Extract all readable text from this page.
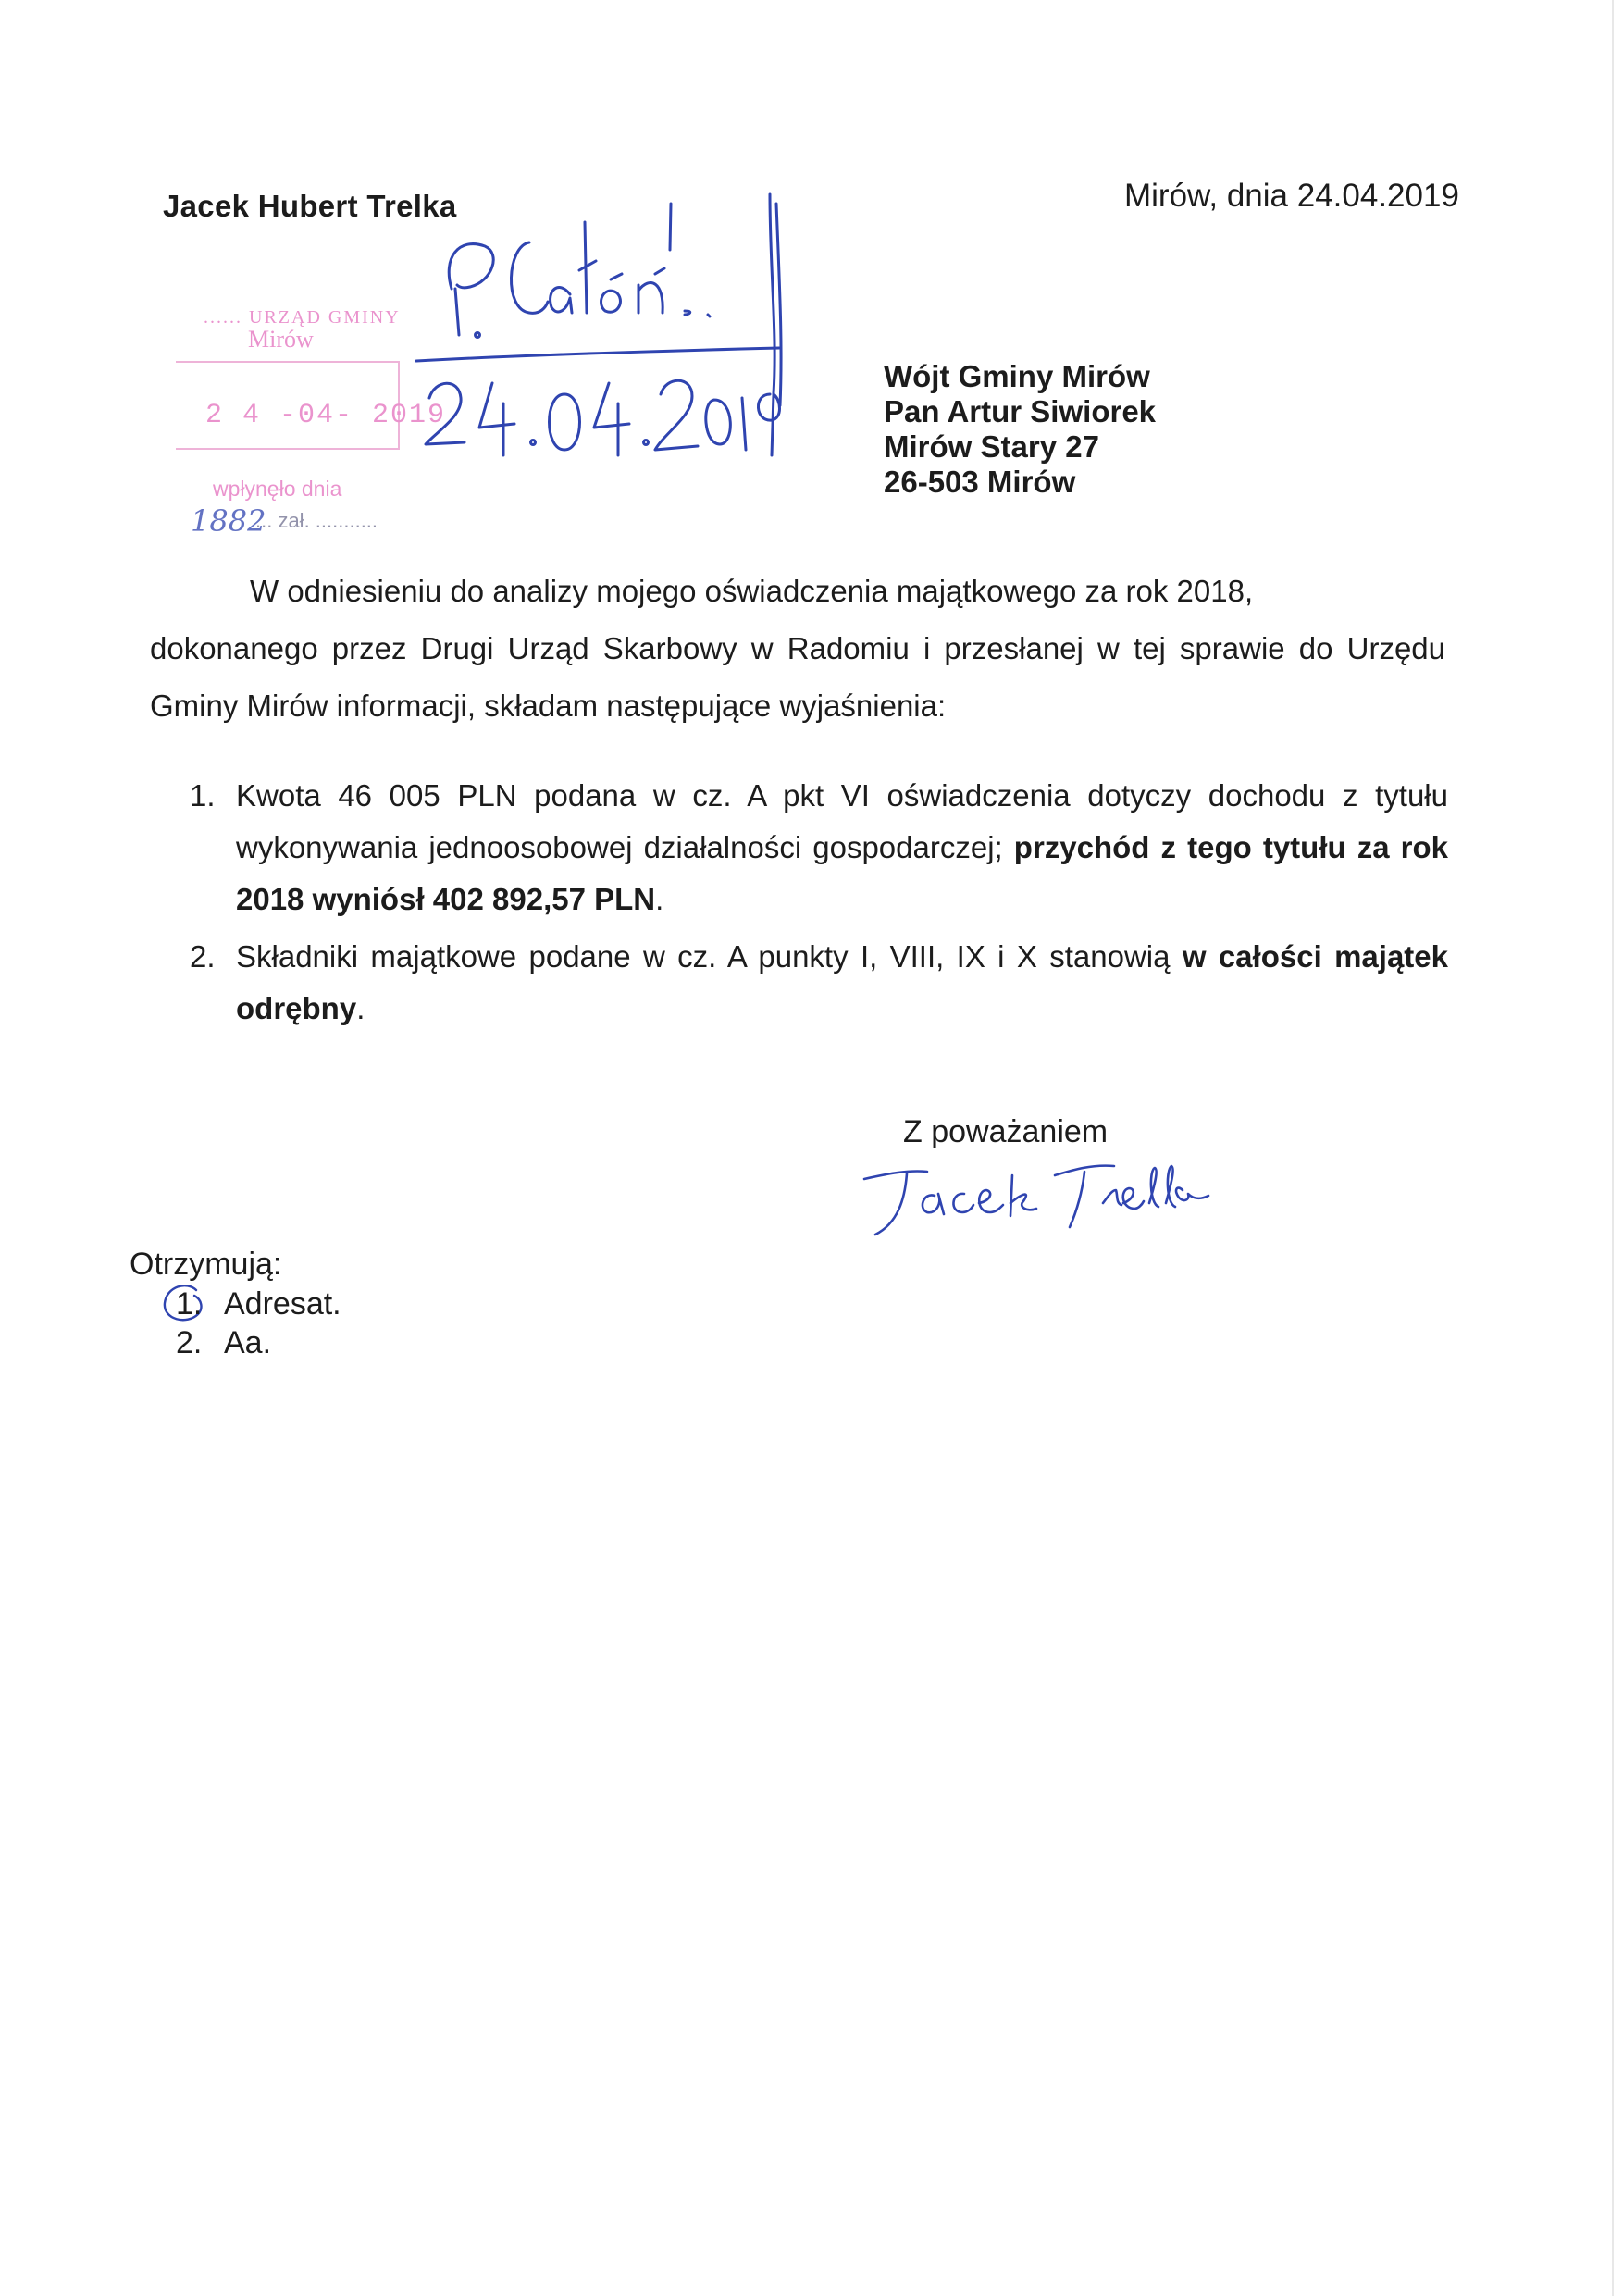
Jacek Hubert Trelka	Mirów, dnia 24.04.2019
...... URZĄD GMINY
Mirów
2 4 -04- 2019
wpłynęło dnia
1882
... zał. ...........
Wójt Gminy Mirów
Pan Artur Siwiorek
Mirów Stary 27
26-503 Mirów
W odniesieniu do analizy mojego oświadczenia majątkowego za rok 2018,
dokonanego przez Drugi Urząd Skarbowy w Radomiu i przesłanej w tej sprawie do Urzędu Gminy Mirów informacji, składam następujące wyjaśnienia:
1. Kwota 46 005 PLN podana w cz. A pkt VI oświadczenia dotyczy dochodu z tytułu wykonywania jednoosobowej działalności gospodarczej; przychód z tego tytułu za rok 2018 wyniósł 402 892,57 PLN.
2. Składniki majątkowe podane w cz. A punkty I, VIII, IX i X stanowią w całości majątek odrębny.
Z poważaniem
Otrzymują:
1. Adresat.
2. Aa.
